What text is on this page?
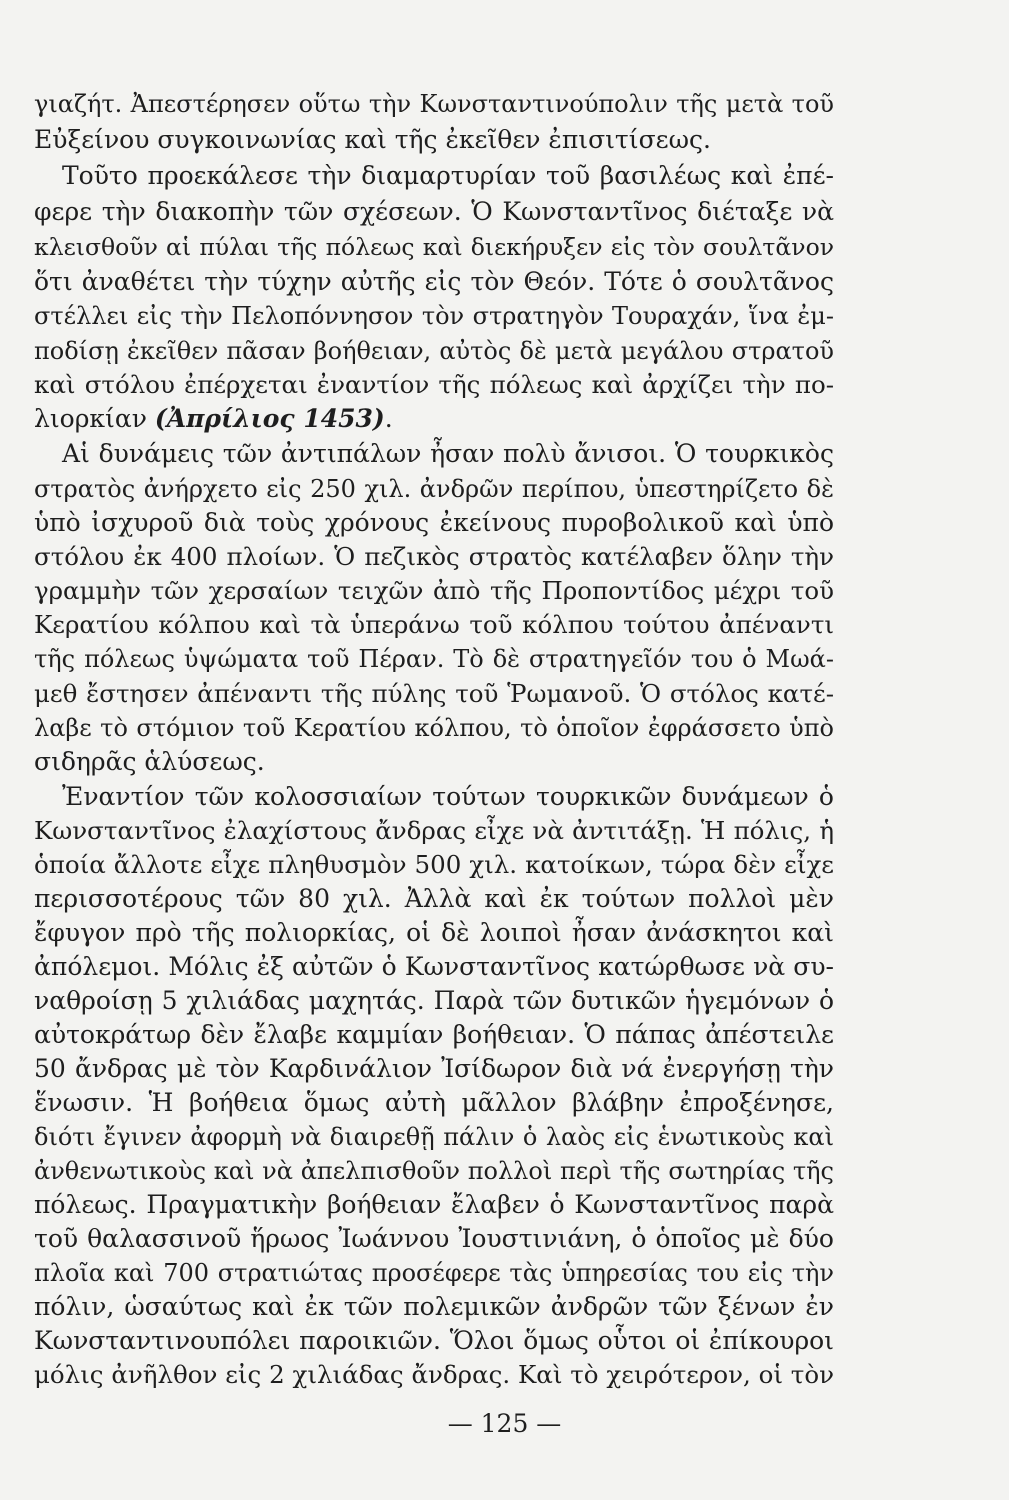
γιαζήτ. Ἀπεστέρησεν οὕτω τὴν Κωνσταντινούπολιν τῆς μετὰ τοῦ
Εὐξείνου συγκοινωνίας καὶ τῆς ἐκεῖθεν ἐπισιτίσεως.
Τοῦτο προεκάλεσε τὴν διαμαρτυρίαν τοῦ βασιλέως καὶ ἐπέ-
φερε τὴν διακοπὴν τῶν σχέσεων. Ὁ Κωνσταντῖνος διέταξε νὰ
κλεισθοῦν αἱ πύλαι τῆς πόλεως καὶ διεκήρυξεν εἰς τὸν σουλτᾶνον
ὅτι ἀναθέτει τὴν τύχην αὐτῆς εἰς τὸν Θεόν. Τότε ὁ σουλτᾶνος
στέλλει εἰς τὴν Πελοπόννησον τὸν στρατηγὸν Τουραχάν, ἵνα ἐμ-
ποδίσῃ ἐκεῖθεν πᾶσαν βοήθειαν, αὐτὸς δὲ μετὰ μεγάλου στρατοῦ
καὶ στόλου ἐπέρχεται ἐναντίον τῆς πόλεως καὶ ἀρχίζει τὴν πο-
λιορκίαν (Ἀπρίλιος 1453).
Αἱ δυνάμεις τῶν ἀντιπάλων ἦσαν πολὺ ἄνισοι. Ὁ τουρκικὸς
στρατὸς ἀνήρχετο εἰς 250 χιλ. ἀνδρῶν περίπου, ὑπεστηρίζετο δὲ
ὑπὸ ἰσχυροῦ διὰ τοὺς χρόνους ἐκείνους πυροβολικοῦ καὶ ὑπὸ
στόλου ἐκ 400 πλοίων. Ὁ πεζικὸς στρατὸς κατέλαβεν ὅλην τὴν
γραμμὴν τῶν χερσαίων τειχῶν ἀπὸ τῆς Προποντίδος μέχρι τοῦ
Κερατίου κόλπου καὶ τὰ ὑπεράνω τοῦ κόλπου τούτου ἀπέναντι
τῆς πόλεως ὑψώματα τοῦ Πέραν. Τὸ δὲ στρατηγεῖόν του ὁ Μωά-
μεθ ἔστησεν ἀπέναντι τῆς πύλης τοῦ Ῥωμανοῦ. Ὁ στόλος κατέ-
λαβε τὸ στόμιον τοῦ Κερατίου κόλπου, τὸ ὁποῖον ἐφράσσετο ὑπὸ
σιδηρᾶς ἁλύσεως.
Ἐναντίον τῶν κολοσσιαίων τούτων τουρκικῶν δυνάμεων ὁ
Κωνσταντῖνος ἐλαχίστους ἄνδρας εἶχε νὰ ἀντιτάξῃ. Ἡ πόλις, ἡ
ὁποία ἄλλοτε εἶχε πληθυσμὸν 500 χιλ. κατοίκων, τώρα δὲν εἶχε
περισσοτέρους τῶν 80 χιλ. Ἀλλὰ καὶ ἐκ τούτων πολλοὶ μὲν
ἔφυγον πρὸ τῆς πολιορκίας, οἱ δὲ λοιποὶ ἦσαν ἀνάσκητοι καὶ
ἀπόλεμοι. Μόλις ἐξ αὐτῶν ὁ Κωνσταντῖνος κατώρθωσε νὰ συ-
ναθροίσῃ 5 χιλιάδας μαχητάς. Παρὰ τῶν δυτικῶν ἡγεμόνων ὁ
αὐτοκράτωρ δὲν ἔλαβε καμμίαν βοήθειαν. Ὁ πάπας ἀπέστειλε
50 ἄνδρας μὲ τὸν Καρδινάλιον Ἰσίδωρον διὰ νά ἐνεργήσῃ τὴν
ἕνωσιν. Ἡ βοήθεια ὅμως αὐτὴ μᾶλλον βλάβην ἐπροξένησε,
διότι ἔγινεν ἀφορμὴ νὰ διαιρεθῇ πάλιν ὁ λαὸς εἰς ἑνωτικοὺς καὶ
ἀνθενωτικοὺς καὶ νὰ ἀπελπισθοῦν πολλοὶ περὶ τῆς σωτηρίας τῆς
πόλεως. Πραγματικὴν βοήθειαν ἔλαβεν ὁ Κωνσταντῖνος παρὰ
τοῦ θαλασσινοῦ ἥρωος Ἰωάννου Ἰουστινιάνη, ὁ ὁποῖος μὲ δύο
πλοῖα καὶ 700 στρατιώτας προσέφερε τὰς ὑπηρεσίας του εἰς τὴν
πόλιν, ὡσαύτως καὶ ἐκ τῶν πολεμικῶν ἀνδρῶν τῶν ξένων ἐν
Κωνσταντινουπόλει παροικιῶν. Ὅλοι ὅμως οὗτοι οἱ ἐπίκουροι
μόλις ἀνῆλθον εἰς 2 χιλιάδας ἄνδρας. Καὶ τὸ χειρότερον, οἱ τὸν
— 125 —
